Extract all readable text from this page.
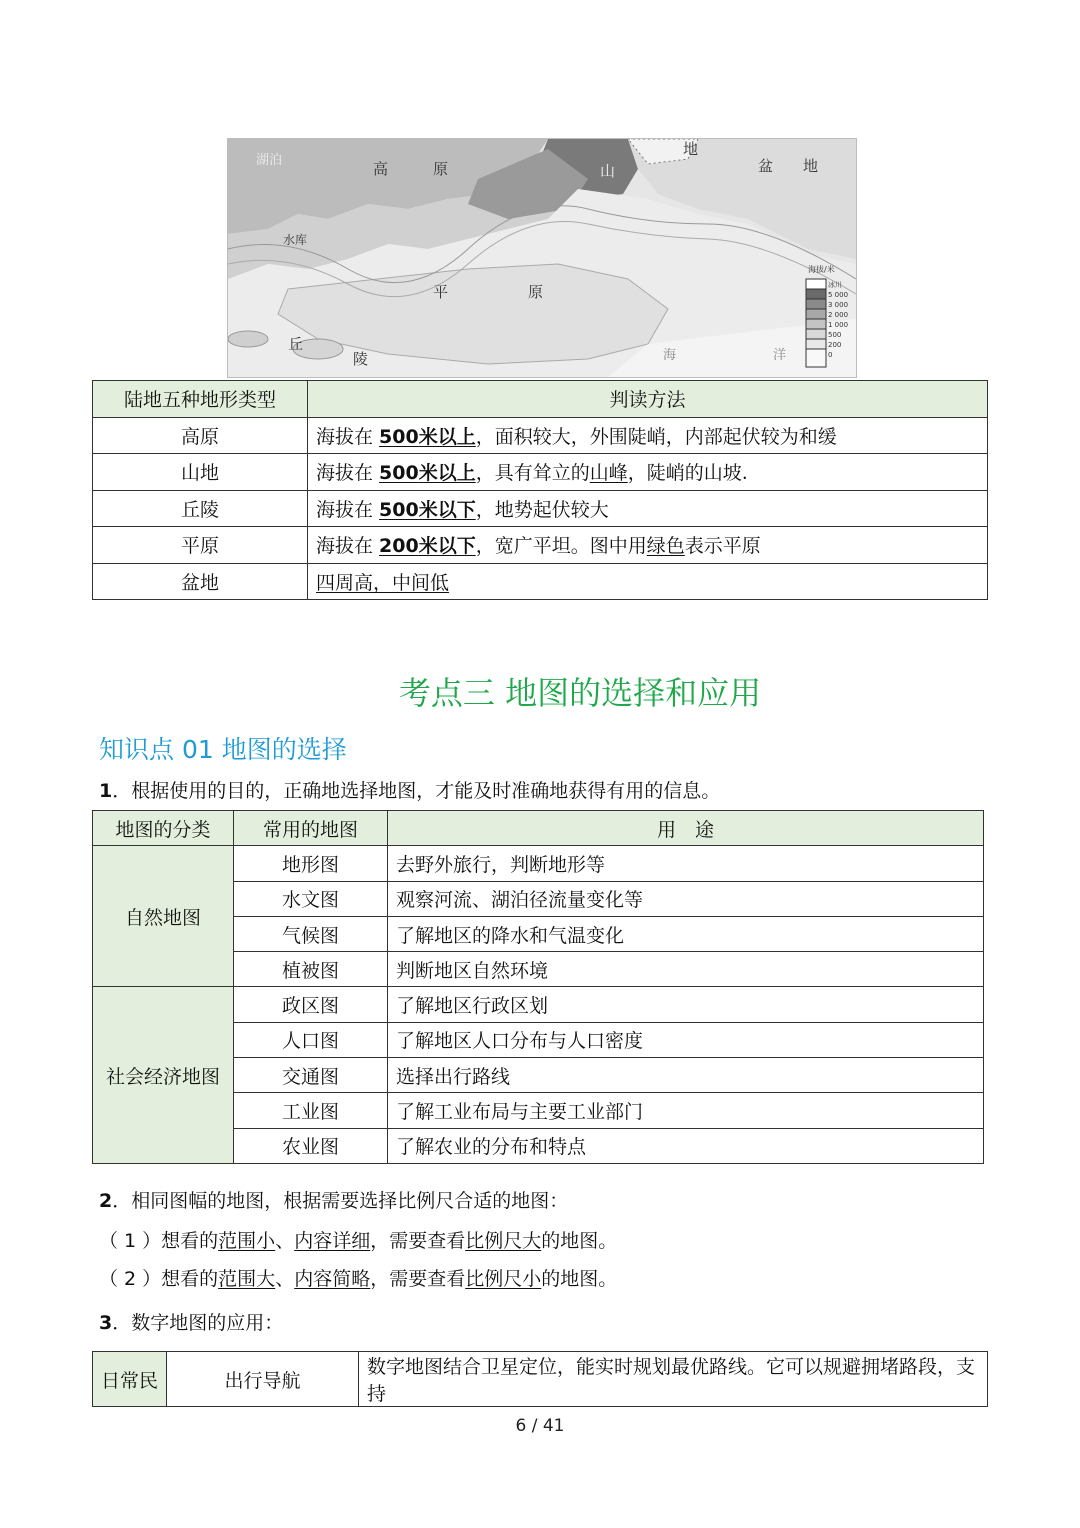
海拔/米
冰川
5 000
3 000
2 000
1 000
500
200
0
湖泊	高	原	山
地
盆 地
水库
平	原
丘
陵	海	洋
陆地五种地形类型	判读方法
高原	海拔在 500米以上，面积较大，外围陡峭，内部起伏较为和缓
山地	海拔在 500米以上，具有耸立的山峰，陡峭的山坡.
丘陵	海拔在 500米以下，地势起伏较大
平原	海拔在 200米以下，宽广平坦。图中用绿色表示平原
盆地	四周高，中间低
考点三 地图的选择和应用
知识点 01 地图的选择
1．根据使用的目的，正确地选择地图，才能及时准确地获得有用的信息。
地图的分类	常用的地图	用　途
自然地图	地形图	去野外旅行，判断地形等
	水文图	观察河流、湖泊径流量变化等
	气候图	了解地区的降水和气温变化
	植被图	判断地区自然环境
社会经济地图	政区图	了解地区行政区划
	人口图	了解地区人口分布与人口密度
	交通图	选择出行路线
	工业图	了解工业布局与主要工业部门
	农业图	了解农业的分布和特点
2．相同图幅的地图，根据需要选择比例尺合适的地图：
（ 1 ）想看的范围小、内容详细，需要查看比例尺大的地图。
（ 2 ）想看的范围大、内容简略，需要查看比例尺小的地图。
3．数字地图的应用：
日常民	出行导航	数字地图结合卫星定位，能实时规划最优路线。它可以规避拥堵路段，支持
6 / 41
